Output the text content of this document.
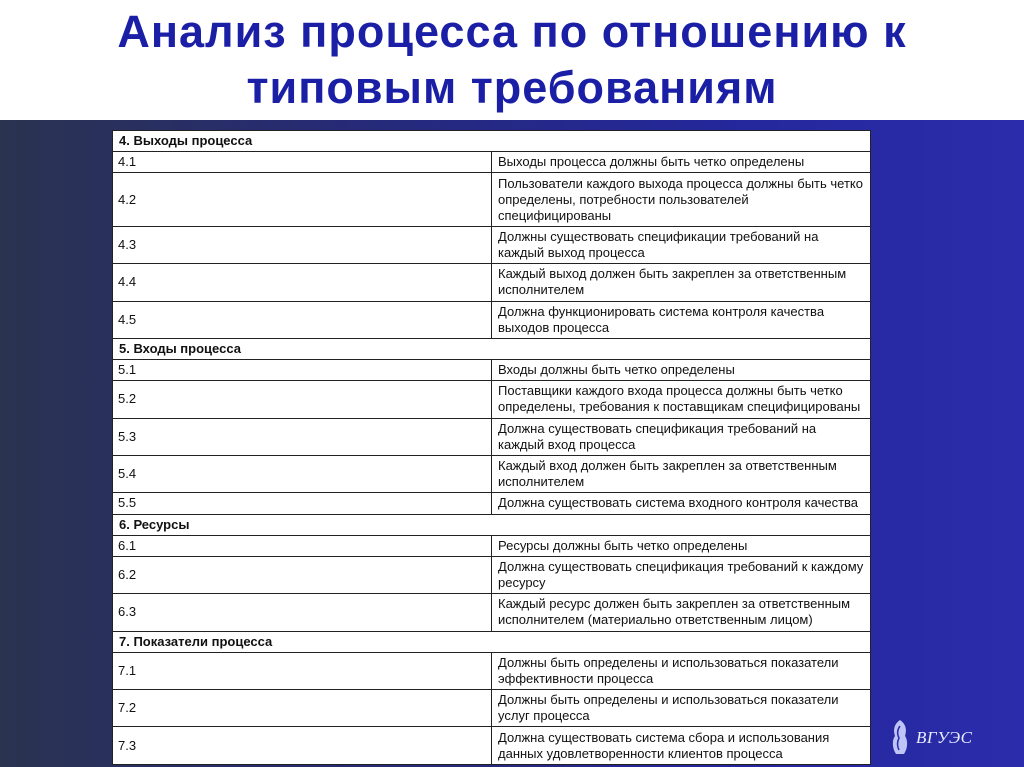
Анализ процесса по отношению к
типовым требованиям
4. Выходы процесса	
4.1	Выходы процесса должны быть четко определены
4.2	Пользователи каждого выхода процесса должны быть четко определены, потребности пользователей специфицированы
4.3	Должны существовать спецификации требований на каждый выход процесса
4.4	Каждый выход должен быть закреплен за ответственным исполнителем
4.5	Должна функционировать система контроля качества выходов процесса
5. Входы процесса	
5.1	Входы должны быть четко определены
5.2	Поставщики каждого входа процесса должны быть четко определены, требования к поставщикам специфицированы
5.3	Должна существовать спецификация требований на каждый вход процесса
5.4	Каждый вход должен быть закреплен за ответственным исполнителем
5.5	Должна существовать система входного контроля качества
6. Ресурсы	
6.1	Ресурсы должны быть четко определены
6.2	Должна существовать спецификация требований к каждому ресурсу
6.3	Каждый ресурс должен быть закреплен за ответственным исполнителем (материально ответственным лицом)
7. Показатели процесса	
7.1	Должны быть определены и использоваться показатели эффективности процесса
7.2	Должны быть определены и использоваться показатели услуг процесса
7.3	Должна существовать система сбора и использования данных удовлетворенности клиентов процесса
ВГУЭС
